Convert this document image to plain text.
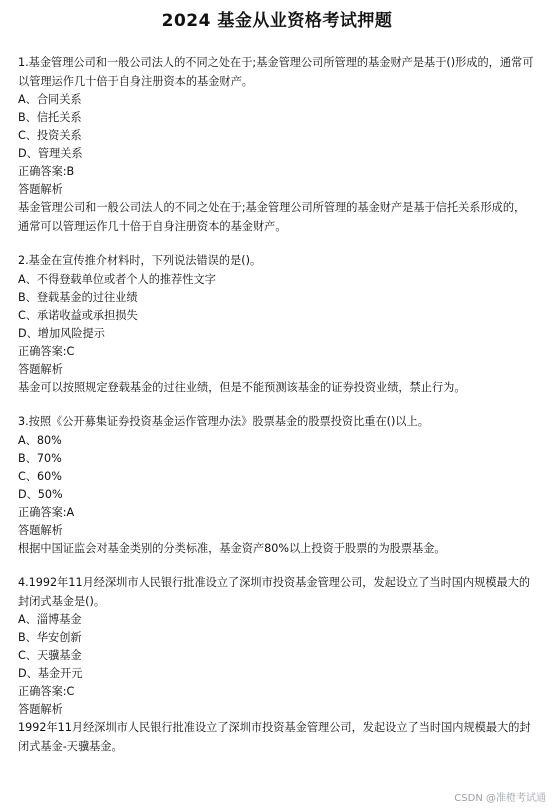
2024 基金从业资格考试押题
1.基金管理公司和一般公司法人的不同之处在于;基金管理公司所管理的基金财产是基于()形成的，通常可以管理运作几十倍于自身注册资本的基金财产。
A、合同关系
B、信托关系
C、投资关系
D、管理关系
正确答案:B
答题解析
基金管理公司和一般公司法人的不同之处在于;基金管理公司所管理的基金财产是基于信托关系形成的，通常可以管理运作几十倍于自身注册资本的基金财产。
2.基金在宣传推介材料时，下列说法错误的是()。
A、不得登载单位或者个人的推荐性文字
B、登载基金的过往业绩
C、承诺收益或承担损失
D、增加风险提示
正确答案:C
答题解析
基金可以按照规定登载基金的过往业绩，但是不能预测该基金的证券投资业绩，禁止行为。
3.按照《公开募集证券投资基金运作管理办法》股票基金的股票投资比重在()以上。
A、80%
B、70%
C、60%
D、50%
正确答案:A
答题解析
根据中国证监会对基金类别的分类标准，基金资产80%以上投资于股票的为股票基金。
4.1992年11月经深圳市人民银行批准设立了深圳市投资基金管理公司，发起设立了当时国内规模最大的封闭式基金是()。
A、淄博基金
B、华安创新
C、天骥基金
D、基金开元
正确答案:C
答题解析
1992年11月经深圳市人民银行批准设立了深圳市投资基金管理公司，发起设立了当时国内规模最大的封闭式基金-天骥基金。
CSDN @准橙考试通
